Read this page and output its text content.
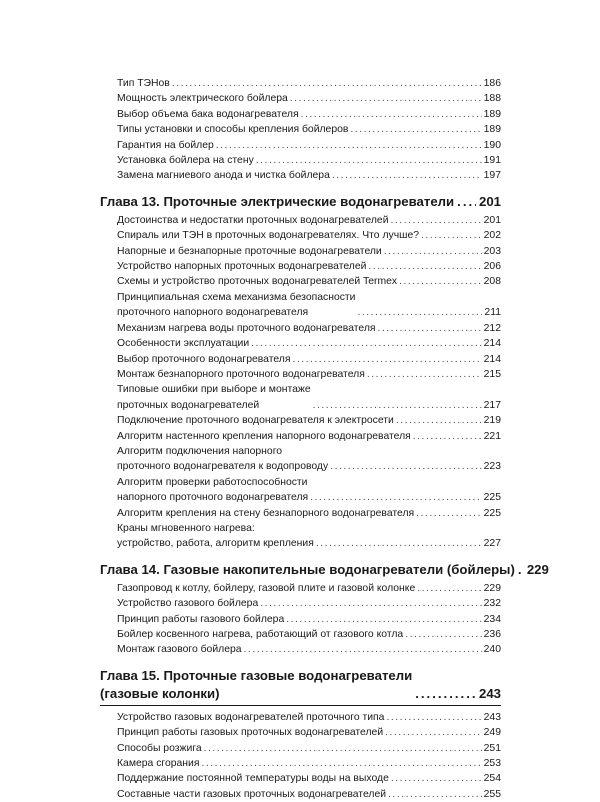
Тип ТЭНов .....	186
Мощность электрического бойлера .....	188
Выбор объема бака водонагревателя .....	189
Типы установки и способы крепления бойлеров .....	189
Гарантия на бойлер .....	190
Установка бойлера на стену .....	191
Замена магниевого анода и чистка бойлера .....	197
Глава 13. Проточные электрические водонагреватели ..... 201
Достоинства и недостатки проточных водонагревателей .....	201
Спираль или ТЭН в проточных водонагревателях. Что лучше? .....	202
Напорные и безнапорные проточные водонагреватели .....	203
Устройство напорных проточных водонагревателей .....	206
Схемы и устройство проточных водонагревателей Termex .....	208
Принципиальная схема механизма безопасности
проточного напорного водонагревателя .....	211
Механизм нагрева воды проточного водонагревателя .....	212
Особенности эксплуатации .....	214
Выбор проточного водонагревателя .....	214
Монтаж безнапорного проточного водонагревателя .....	215
Типовые ошибки при выборе и монтаже
проточных водонагревателей .....	217
Подключение проточного водонагревателя к электросети .....	219
Алгоритм настенного крепления напорного водонагревателя .....	221
Алгоритм подключения напорного
проточного водонагревателя к водопроводу .....	223
Алгоритм проверки работоспособности
напорного проточного водонагревателя .....	225
Алгоритм крепления на стену безнапорного водонагревателя .....	225
Краны мгновенного нагрева:
устройство, работа, алгоритм крепления .....	227
Глава 14. Газовые накопительные водонагреватели (бойлеры) ..... 229
Газопровод к котлу, бойлеру, газовой плите и газовой колонке .....	229
Устройство газового бойлера .....	232
Принцип работы газового бойлера .....	234
Бойлер косвенного нагрева, работающий от газового котла .....	236
Монтаж газового бойлера .....	240
Глава 15. Проточные газовые водонагреватели
(газовые колонки) .....	243
Устройство газовых водонагревателей проточного типа .....	243
Принцип работы газовых проточных водонагревателей .....	249
Способы розжига .....	251
Камера сгорания .....	253
Поддержание постоянной температуры воды на выходе .....	254
Составные части газовых проточных водонагревателей .....	255
